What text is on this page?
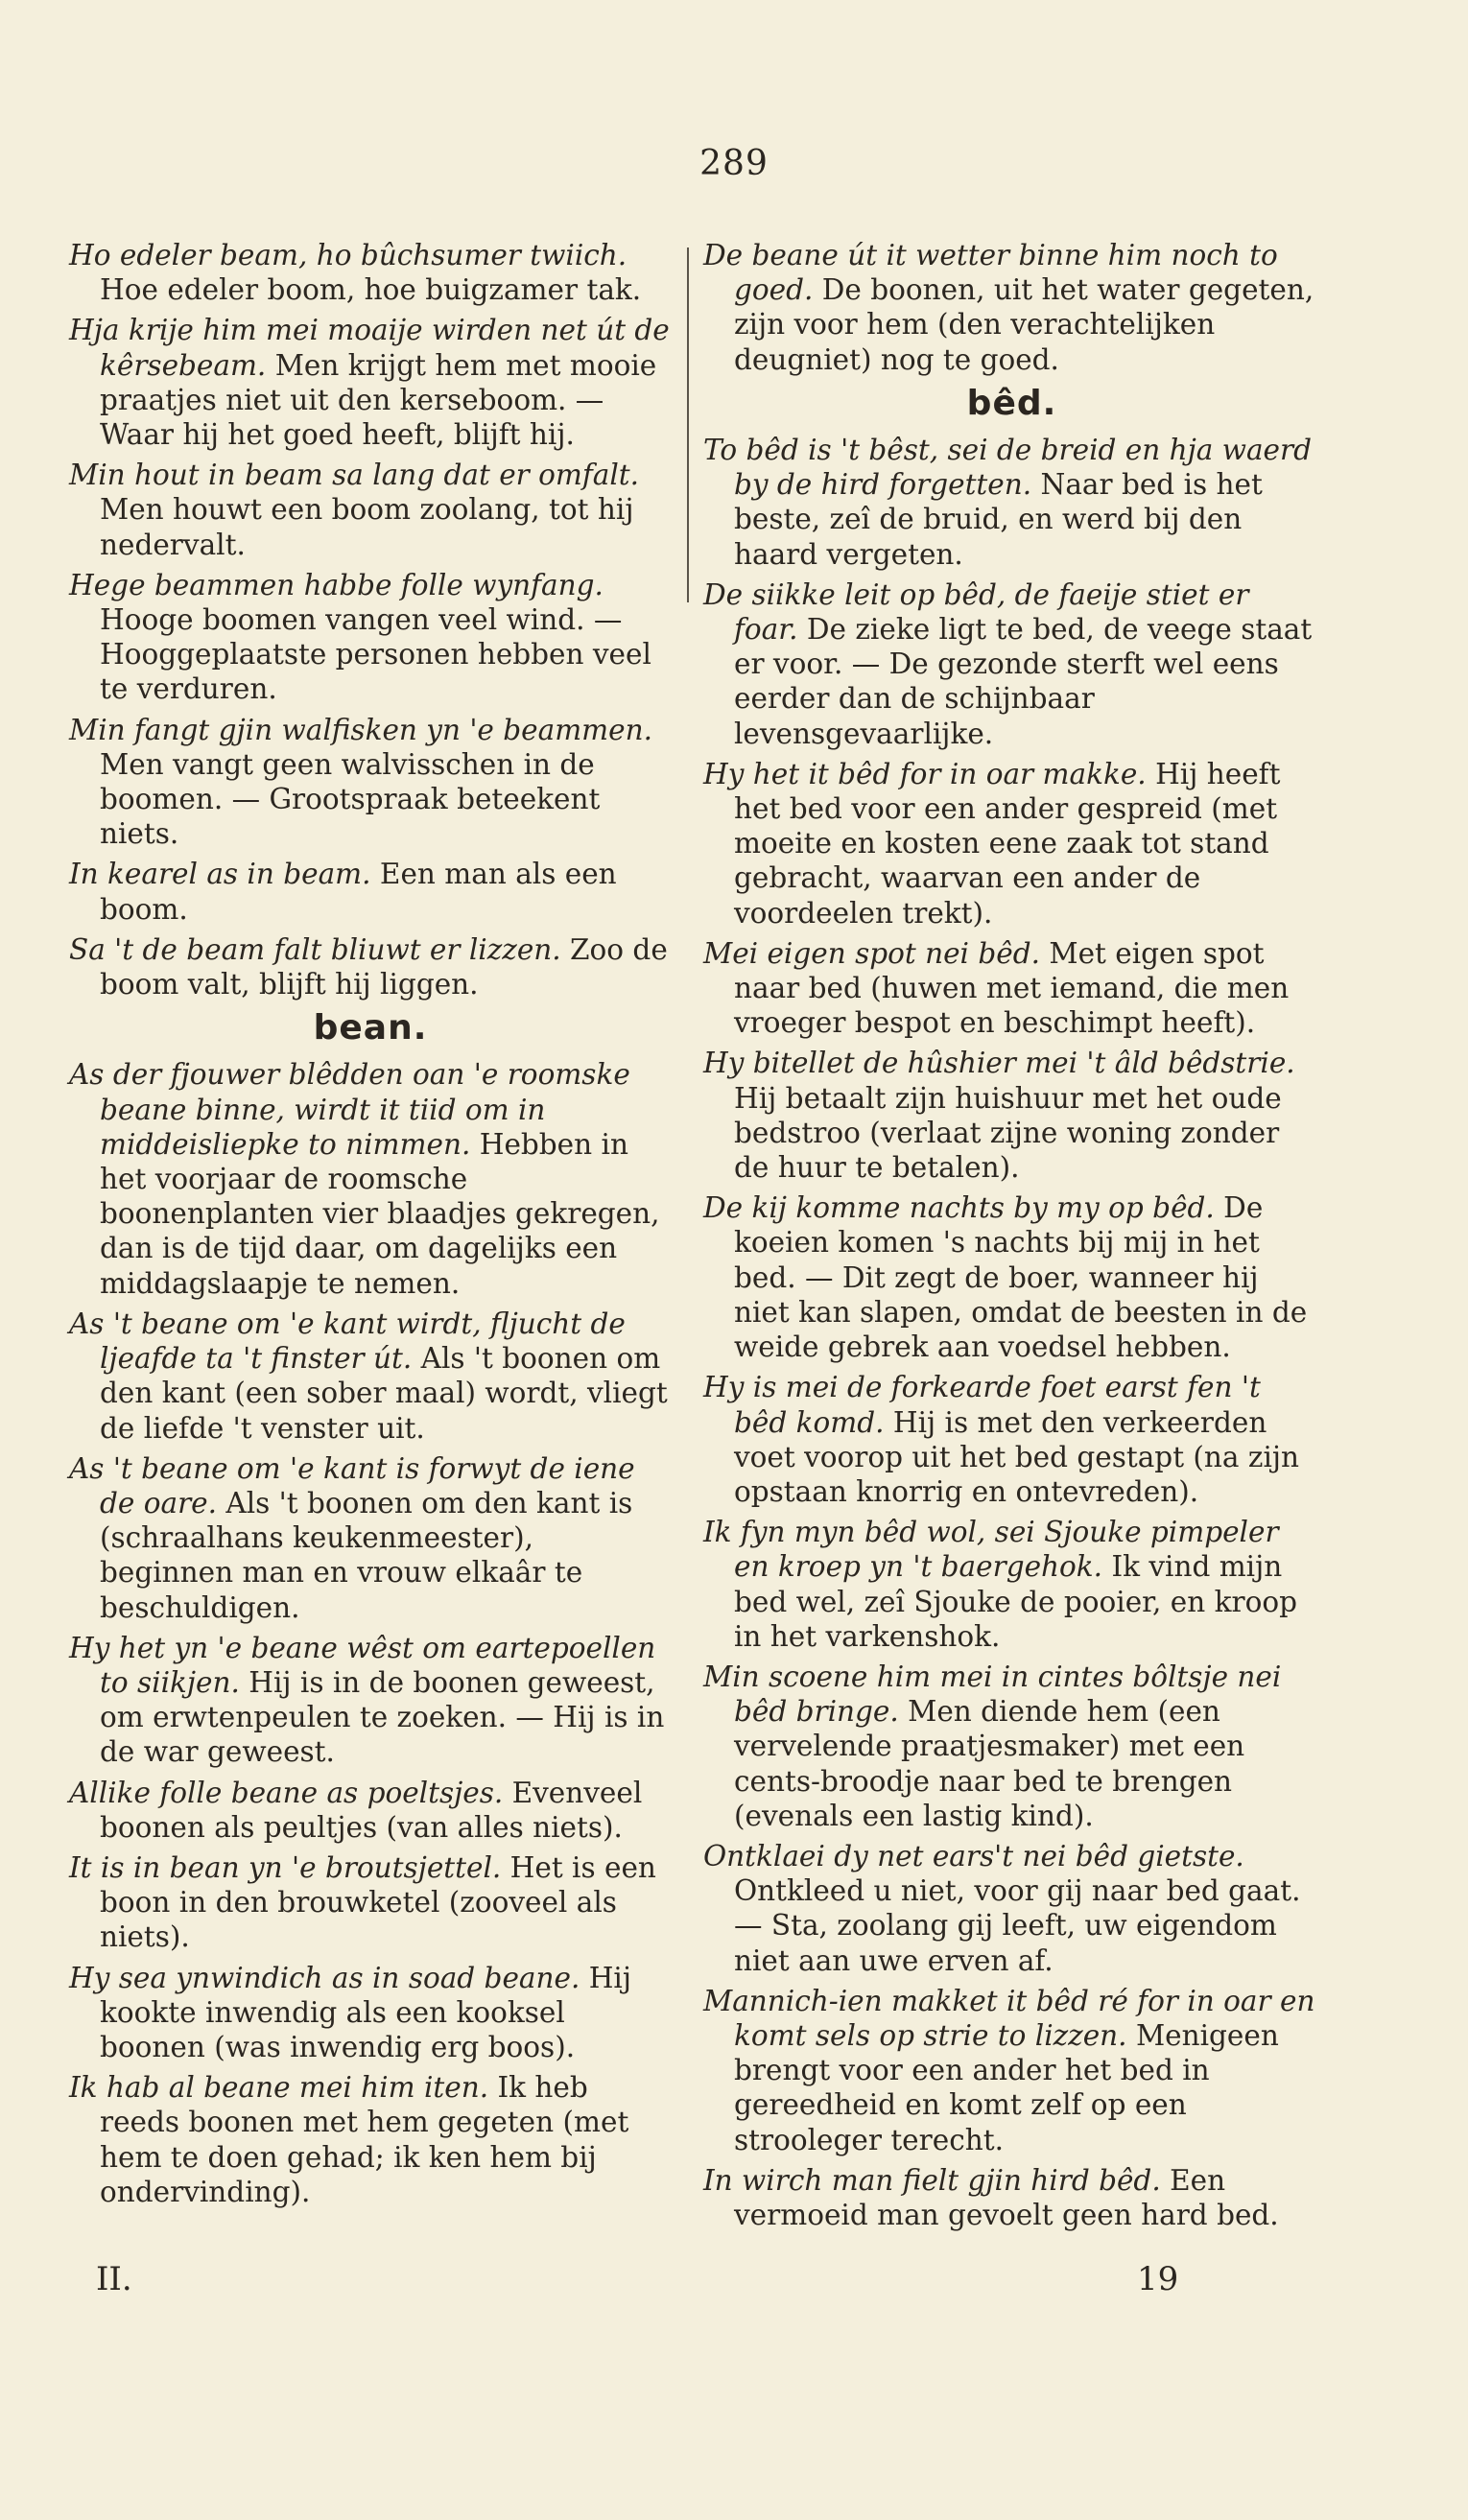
289
Ho edeler beam, ho bûchsumer twiich. Hoe edeler boom, hoe buigzamer tak.
Hja krije him mei moaije wirden net út de kêrsebeam. Men krijgt hem met mooie praatjes niet uit den kerseboom. — Waar hij het goed heeft, blijft hij.
Min hout in beam sa lang dat er omfalt. Men houwt een boom zoolang, tot hij nedervalt.
Hege beammen habbe folle wynfang. Hooge boomen vangen veel wind. — Hooggeplaatste personen hebben veel te verduren.
Min fangt gjin walfisken yn 'e beammen. Men vangt geen walvisschen in de boomen. — Grootspraak beteekent niets.
In kearel as in beam. Een man als een boom.
Sa 't de beam falt bliuwt er lizzen. Zoo de boom valt, blijft hij liggen.
bean.
As der fjouwer blêdden oan 'e roomske beane binne, wirdt it tiid om in middeisliepke to nimmen. Hebben in het voorjaar de roomsche boonenplanten vier blaadjes gekregen, dan is de tijd daar, om dagelijks een middagslaapje te nemen.
As 't beane om 'e kant wirdt, fljucht de ljeafde ta 't finster út. Als 't boonen om den kant (een sober maal) wordt, vliegt de liefde 't venster uit.
As 't beane om 'e kant is forwyt de iene de oare. Als 't boonen om den kant is (schraalhans keukenmeester), beginnen man en vrouw elkaâr te beschuldigen.
Hy het yn 'e beane wêst om eartepoellen to siikjen. Hij is in de boonen geweest, om erwtenpeulen te zoeken. — Hij is in de war geweest.
Allike folle beane as poeltsjes. Evenveel boonen als peultjes (van alles niets).
It is in bean yn 'e broutsjettel. Het is een boon in den brouwketel (zooveel als niets).
Hy sea ynwindich as in soad beane. Hij kookte inwendig als een kooksel boonen (was inwendig erg boos).
Ik hab al beane mei him iten. Ik heb reeds boonen met hem gegeten (met hem te doen gehad; ik ken hem bij ondervinding).
De beane út it wetter binne him noch to goed. De boonen, uit het water gegeten, zijn voor hem (den verachtelijken deugniet) nog te goed.
bêd.
To bêd is 't bêst, sei de breid en hja waerd by de hird forgetten. Naar bed is het beste, zeî de bruid, en werd bij den haard vergeten.
De siikke leit op bêd, de faeije stiet er foar. De zieke ligt te bed, de veege staat er voor. — De gezonde sterft wel eens eerder dan de schijnbaar levensgevaarlijke.
Hy het it bêd for in oar makke. Hij heeft het bed voor een ander gespreid (met moeite en kosten eene zaak tot stand gebracht, waarvan een ander de voordeelen trekt).
Mei eigen spot nei bêd. Met eigen spot naar bed (huwen met iemand, die men vroeger bespot en beschimpt heeft).
Hy bitellet de hûshier mei 't âld bêdstrie. Hij betaalt zijn huishuur met het oude bedstroo (verlaat zijne woning zonder de huur te betalen).
De kij komme nachts by my op bêd. De koeien komen 's nachts bij mij in het bed. — Dit zegt de boer, wanneer hij niet kan slapen, omdat de beesten in de weide gebrek aan voedsel hebben.
Hy is mei de forkearde foet earst fen 't bêd komd. Hij is met den verkeerden voet voorop uit het bed gestapt (na zijn opstaan knorrig en ontevreden).
Ik fyn myn bêd wol, sei Sjouke pimpeler en kroep yn 't baergehok. Ik vind mijn bed wel, zeî Sjouke de pooier, en kroop in het varkenshok.
Min scoene him mei in cintes bôltsje nei bêd bringe. Men diende hem (een vervelende praatjesmaker) met een cents-broodje naar bed te brengen (evenals een lastig kind).
Ontklaei dy net ears't nei bêd gietste. Ontkleed u niet, voor gij naar bed gaat. — Sta, zoolang gij leeft, uw eigendom niet aan uwe erven af.
Mannich-ien makket it bêd ré for in oar en komt sels op strie to lizzen. Menigeen brengt voor een ander het bed in gereedheid en komt zelf op een strooleger terecht.
In wirch man fielt gjin hird bêd. Een vermoeid man gevoelt geen hard bed.
II.	19
